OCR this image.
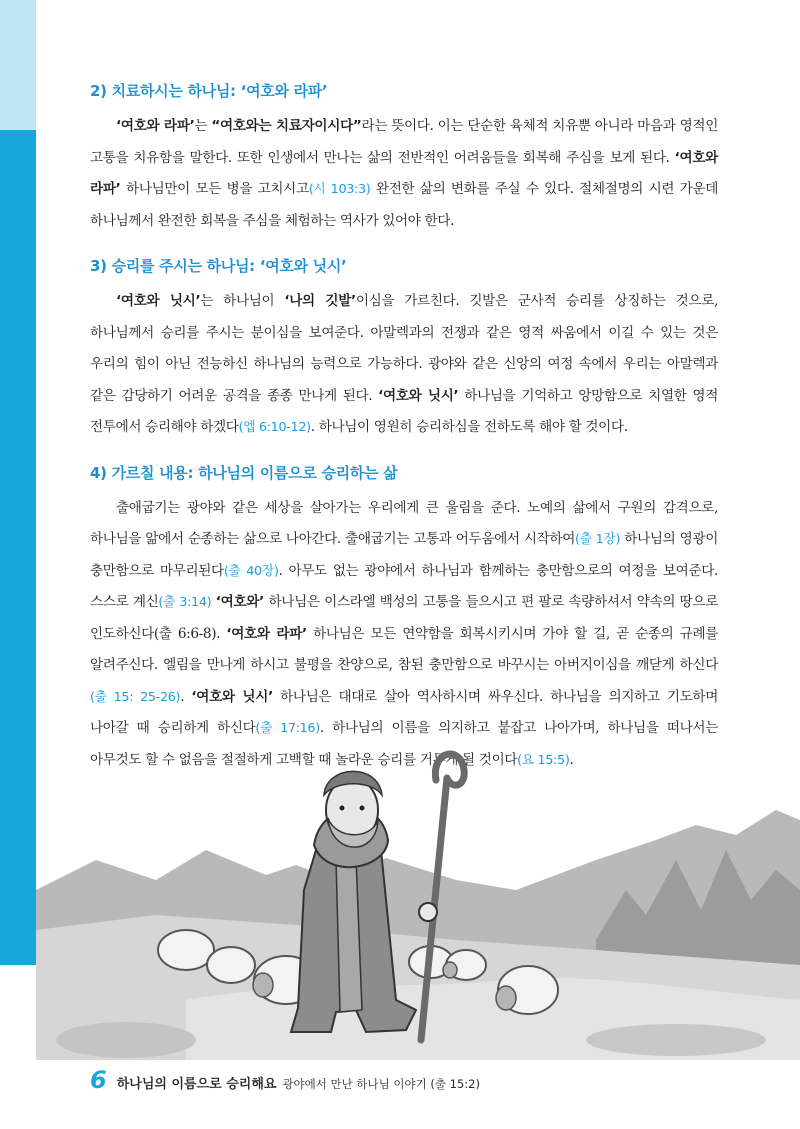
2) 치료하시는 하나님: ‘여호와 라파’

‘여호와 라파’는 “여호와는 치료자이시다”라는 뜻이다. 이는 단순한 육체적 치유뿐 아니라 마음과 영적인 고통을 치유함을 말한다. 또한 인생에서 만나는 삶의 전반적인 어려움들을 회복해 주심을 보게 된다. ‘여호와 라파’ 하나님만이 모든 병을 고치시고(시 103:3) 완전한 삶의 변화를 주실 수 있다. 절체절명의 시련 가운데 하나님께서 완전한 회복을 주심을 체험하는 역사가 있어야 한다.

3) 승리를 주시는 하나님: ‘여호와 닛시’

‘여호와 닛시’는 하나님이 ‘나의 깃발’이심을 가르친다. 깃발은 군사적 승리를 상징하는 것으로, 하나님께서 승리를 주시는 분이심을 보여준다. 아말렉과의 전쟁과 같은 영적 싸움에서 이길 수 있는 것은 우리의 힘이 아닌 전능하신 하나님의 능력으로 가능하다. 광야와 같은 신앙의 여정 속에서 우리는 아말렉과 같은 감당하기 어려운 공격을 종종 만나게 된다. ‘여호와 닛시’ 하나님을 기억하고 앙망함으로 치열한 영적 전투에서 승리해야 하겠다(엡 6:10-12). 하나님이 영원히 승리하심을 전하도록 해야 할 것이다.

4) 가르칠 내용: 하나님의 이름으로 승리하는 삶

출애굽기는 광야와 같은 세상을 살아가는 우리에게 큰 울림을 준다. 노예의 삶에서 구원의 감격으로, 하나님을 앎에서 순종하는 삶으로 나아간다. 출애굽기는 고통과 어두움에서 시작하여(출 1장) 하나님의 영광이 충만함으로 마무리된다(출 40장). 아무도 없는 광야에서 하나님과 함께하는 충만함으로의 여정을 보여준다. 스스로 계신(출 3:14) ‘여호와’ 하나님은 이스라엘 백성의 고통을 들으시고 편 팔로 속량하셔서 약속의 땅으로 인도하신다(출 6:6-8). ‘여호와 라파’ 하나님은 모든 연약함을 회복시키시며 가야 할 길, 곧 순종의 규례를 알려주신다. 엘림을 만나게 하시고 불평을 찬양으로, 참된 충만함으로 바꾸시는 아버지이심을 깨닫게 하신다(출 15: 25-26). ‘여호와 닛시’ 하나님은 대대로 살아 역사하시며 싸우신다. 하나님을 의지하고 기도하며 나아갈 때 승리하게 하신다(출 17:16). 하나님의 이름을 의지하고 붙잡고 나아가며, 하나님을 떠나서는 아무것도 할 수 없음을 절절하게 고백할 때 놀라운 승리를 거두게 될 것이다(요 15:5).

6 하나님의 이름으로 승리해요 광야에서 만난 하나님 이야기 (출 15:2)
